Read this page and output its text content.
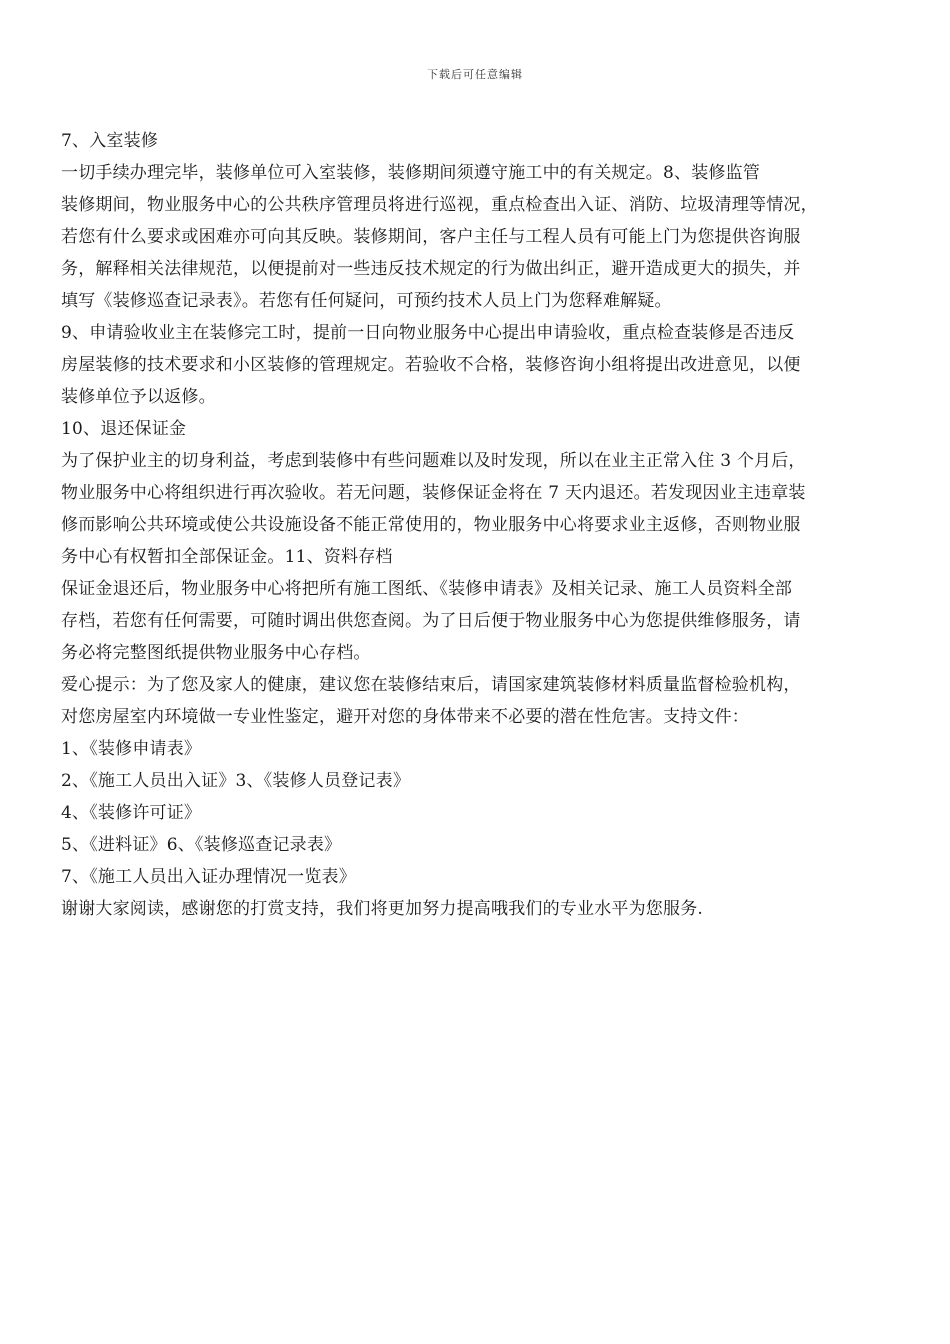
下载后可任意编辑
7、入室装修
一切手续办理完毕，装修单位可入室装修，装修期间须遵守施工中的有关规定。8、装修监管
装修期间，物业服务中心的公共秩序管理员将进行巡视，重点检查出入证、消防、垃圾清理等情况，
若您有什么要求或困难亦可向其反映。装修期间，客户主任与工程人员有可能上门为您提供咨询服
务，解释相关法律规范，以便提前对一些违反技术规定的行为做出纠正，避开造成更大的损失，并
填写《装修巡查记录表》。若您有任何疑问，可预约技术人员上门为您释难解疑。
9、申请验收业主在装修完工时，提前一日向物业服务中心提出申请验收，重点检查装修是否违反
房屋装修的技术要求和小区装修的管理规定。若验收不合格，装修咨询小组将提出改进意见，以便
装修单位予以返修。
10、退还保证金
为了保护业主的切身利益，考虑到装修中有些问题难以及时发现，所以在业主正常入住 3 个月后，
物业服务中心将组织进行再次验收。若无问题，装修保证金将在 7 天内退还。若发现因业主违章装
修而影响公共环境或使公共设施设备不能正常使用的，物业服务中心将要求业主返修，否则物业服
务中心有权暂扣全部保证金。11、资料存档
保证金退还后，物业服务中心将把所有施工图纸、《装修申请表》及相关记录、施工人员资料全部
存档，若您有任何需要，可随时调出供您查阅。为了日后便于物业服务中心为您提供维修服务，请
务必将完整图纸提供物业服务中心存档。
爱心提示：为了您及家人的健康，建议您在装修结束后，请国家建筑装修材料质量监督检验机构，
对您房屋室内环境做一专业性鉴定，避开对您的身体带来不必要的潜在性危害。支持文件：
1、《装修申请表》
2、《施工人员出入证》3、《装修人员登记表》
4、《装修许可证》
5、《进料证》6、《装修巡查记录表》
7、《施工人员出入证办理情况一览表》
谢谢大家阅读，感谢您的打赏支持，我们将更加努力提高哦我们的专业水平为您服务.
